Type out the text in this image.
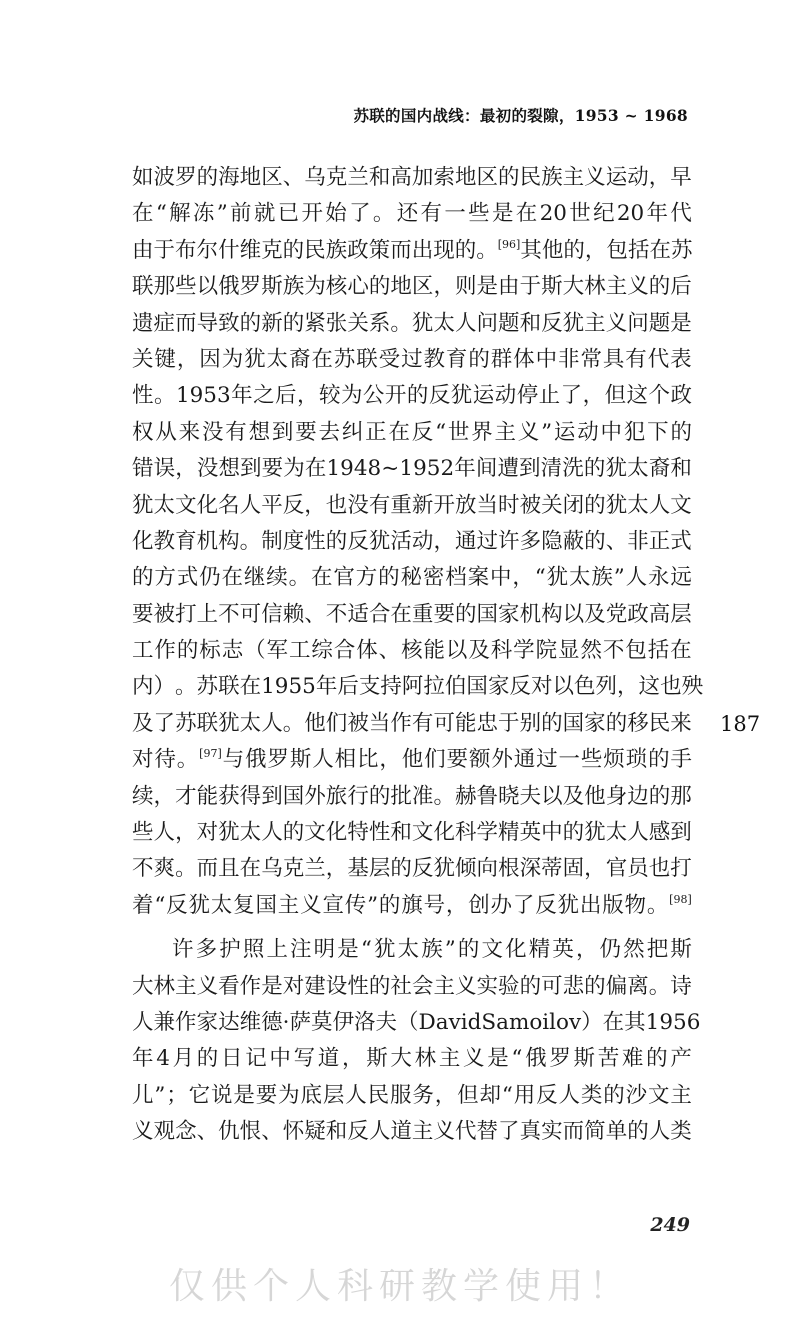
苏联的国内战线：最初的裂隙，1953 ~ 1968
如 波 罗 的 海 地 区 、 乌 克 兰 和 高 加 索 地 区 的 民 族 主 义 运 动 ， 早
在 “ 解 冻 ” 前 就 已 开 始 了 。 还 有 一 些 是 在 20 世 纪 20 年 代
由 于 布 尔 什 维 克 的 民 族 政 策 而 出 现 的 。 [96] 其 他 的 ， 包 括 在 苏
联 那 些 以 俄 罗 斯 族 为 核 心 的 地 区 ， 则 是 由 于 斯 大 林 主 义 的 后
遗 症 而 导 致 的 新 的 紧 张 关 系 。 犹 太 人 问 题 和 反 犹 主 义 问 题 是
关 键 ， 因 为 犹 太 裔 在 苏 联 受 过 教 育 的 群 体 中 非 常 具 有 代 表
性 。 1953 年 之 后 ， 较 为 公 开 的 反 犹 运 动 停 止 了 ， 但 这 个 政
权 从 来 没 有 想 到 要 去 纠 正 在 反 “ 世 界 主 义 ” 运 动 中 犯 下 的
错 误 ， 没 想 到 要 为 在 1948 ~ 1952 年 间 遭 到 清 洗 的 犹 太 裔 和
犹 太 文 化 名 人 平 反 ， 也 没 有 重 新 开 放 当 时 被 关 闭 的 犹 太 人 文
化 教 育 机 构 。 制 度 性 的 反 犹 活 动 ， 通 过 许 多 隐 蔽 的 、 非 正 式
的 方 式 仍 在 继 续 。 在 官 方 的 秘 密 档 案 中 ， “ 犹 太 族 ” 人 永 远
要 被 打 上 不 可 信 赖 、 不 适 合 在 重 要 的 国 家 机 构 以 及 党 政 高 层
工 作 的 标 志 （ 军 工 综 合 体 、 核 能 以 及 科 学 院 显 然 不 包 括 在
内 ） 。 苏 联 在 1955 年 后 支 持 阿 拉 伯 国 家 反 对 以 色 列 ， 这 也 殃
及 了 苏 联 犹 太 人 。 他 们 被 当 作 有 可 能 忠 于 别 的 国 家 的 移 民 来
对 待 。 [97] 与 俄 罗 斯 人 相 比 ， 他 们 要 额 外 通 过 一 些 烦 琐 的 手
续 ， 才 能 获 得 到 国 外 旅 行 的 批 准 。 赫 鲁 晓 夫 以 及 他 身 边 的 那
些 人 ， 对 犹 太 人 的 文 化 特 性 和 文 化 科 学 精 英 中 的 犹 太 人 感 到
不 爽 。 而 且 在 乌 克 兰 ， 基 层 的 反 犹 倾 向 根 深 蒂 固 ， 官 员 也 打
着 “ 反 犹 太 复 国 主 义 宣 传 ” 的 旗 号 ， 创 办 了 反 犹 出 版 物 。 [98]
许 多 护 照 上 注 明 是 “ 犹 太 族 ” 的 文 化 精 英 ， 仍 然 把 斯
大 林 主 义 看 作 是 对 建 设 性 的 社 会 主 义 实 验 的 可 悲 的 偏 离 。 诗
人 兼 作 家 达 维 德 · 萨 莫 伊 洛 夫 （ David Samoilov ） 在 其 1956
年 4 月 的 日 记 中 写 道 ， 斯 大 林 主 义 是 “ 俄 罗 斯 苦 难 的 产
儿 ” ； 它 说 是 要 为 底 层 人 民 服 务 ， 但 却 “ 用 反 人 类 的 沙 文 主
义 观 念 、 仇 恨 、 怀 疑 和 反 人 道 主 义 代 替 了 真 实 而 简 单 的 人 类
187
249
仅供个人科研教学使用！
